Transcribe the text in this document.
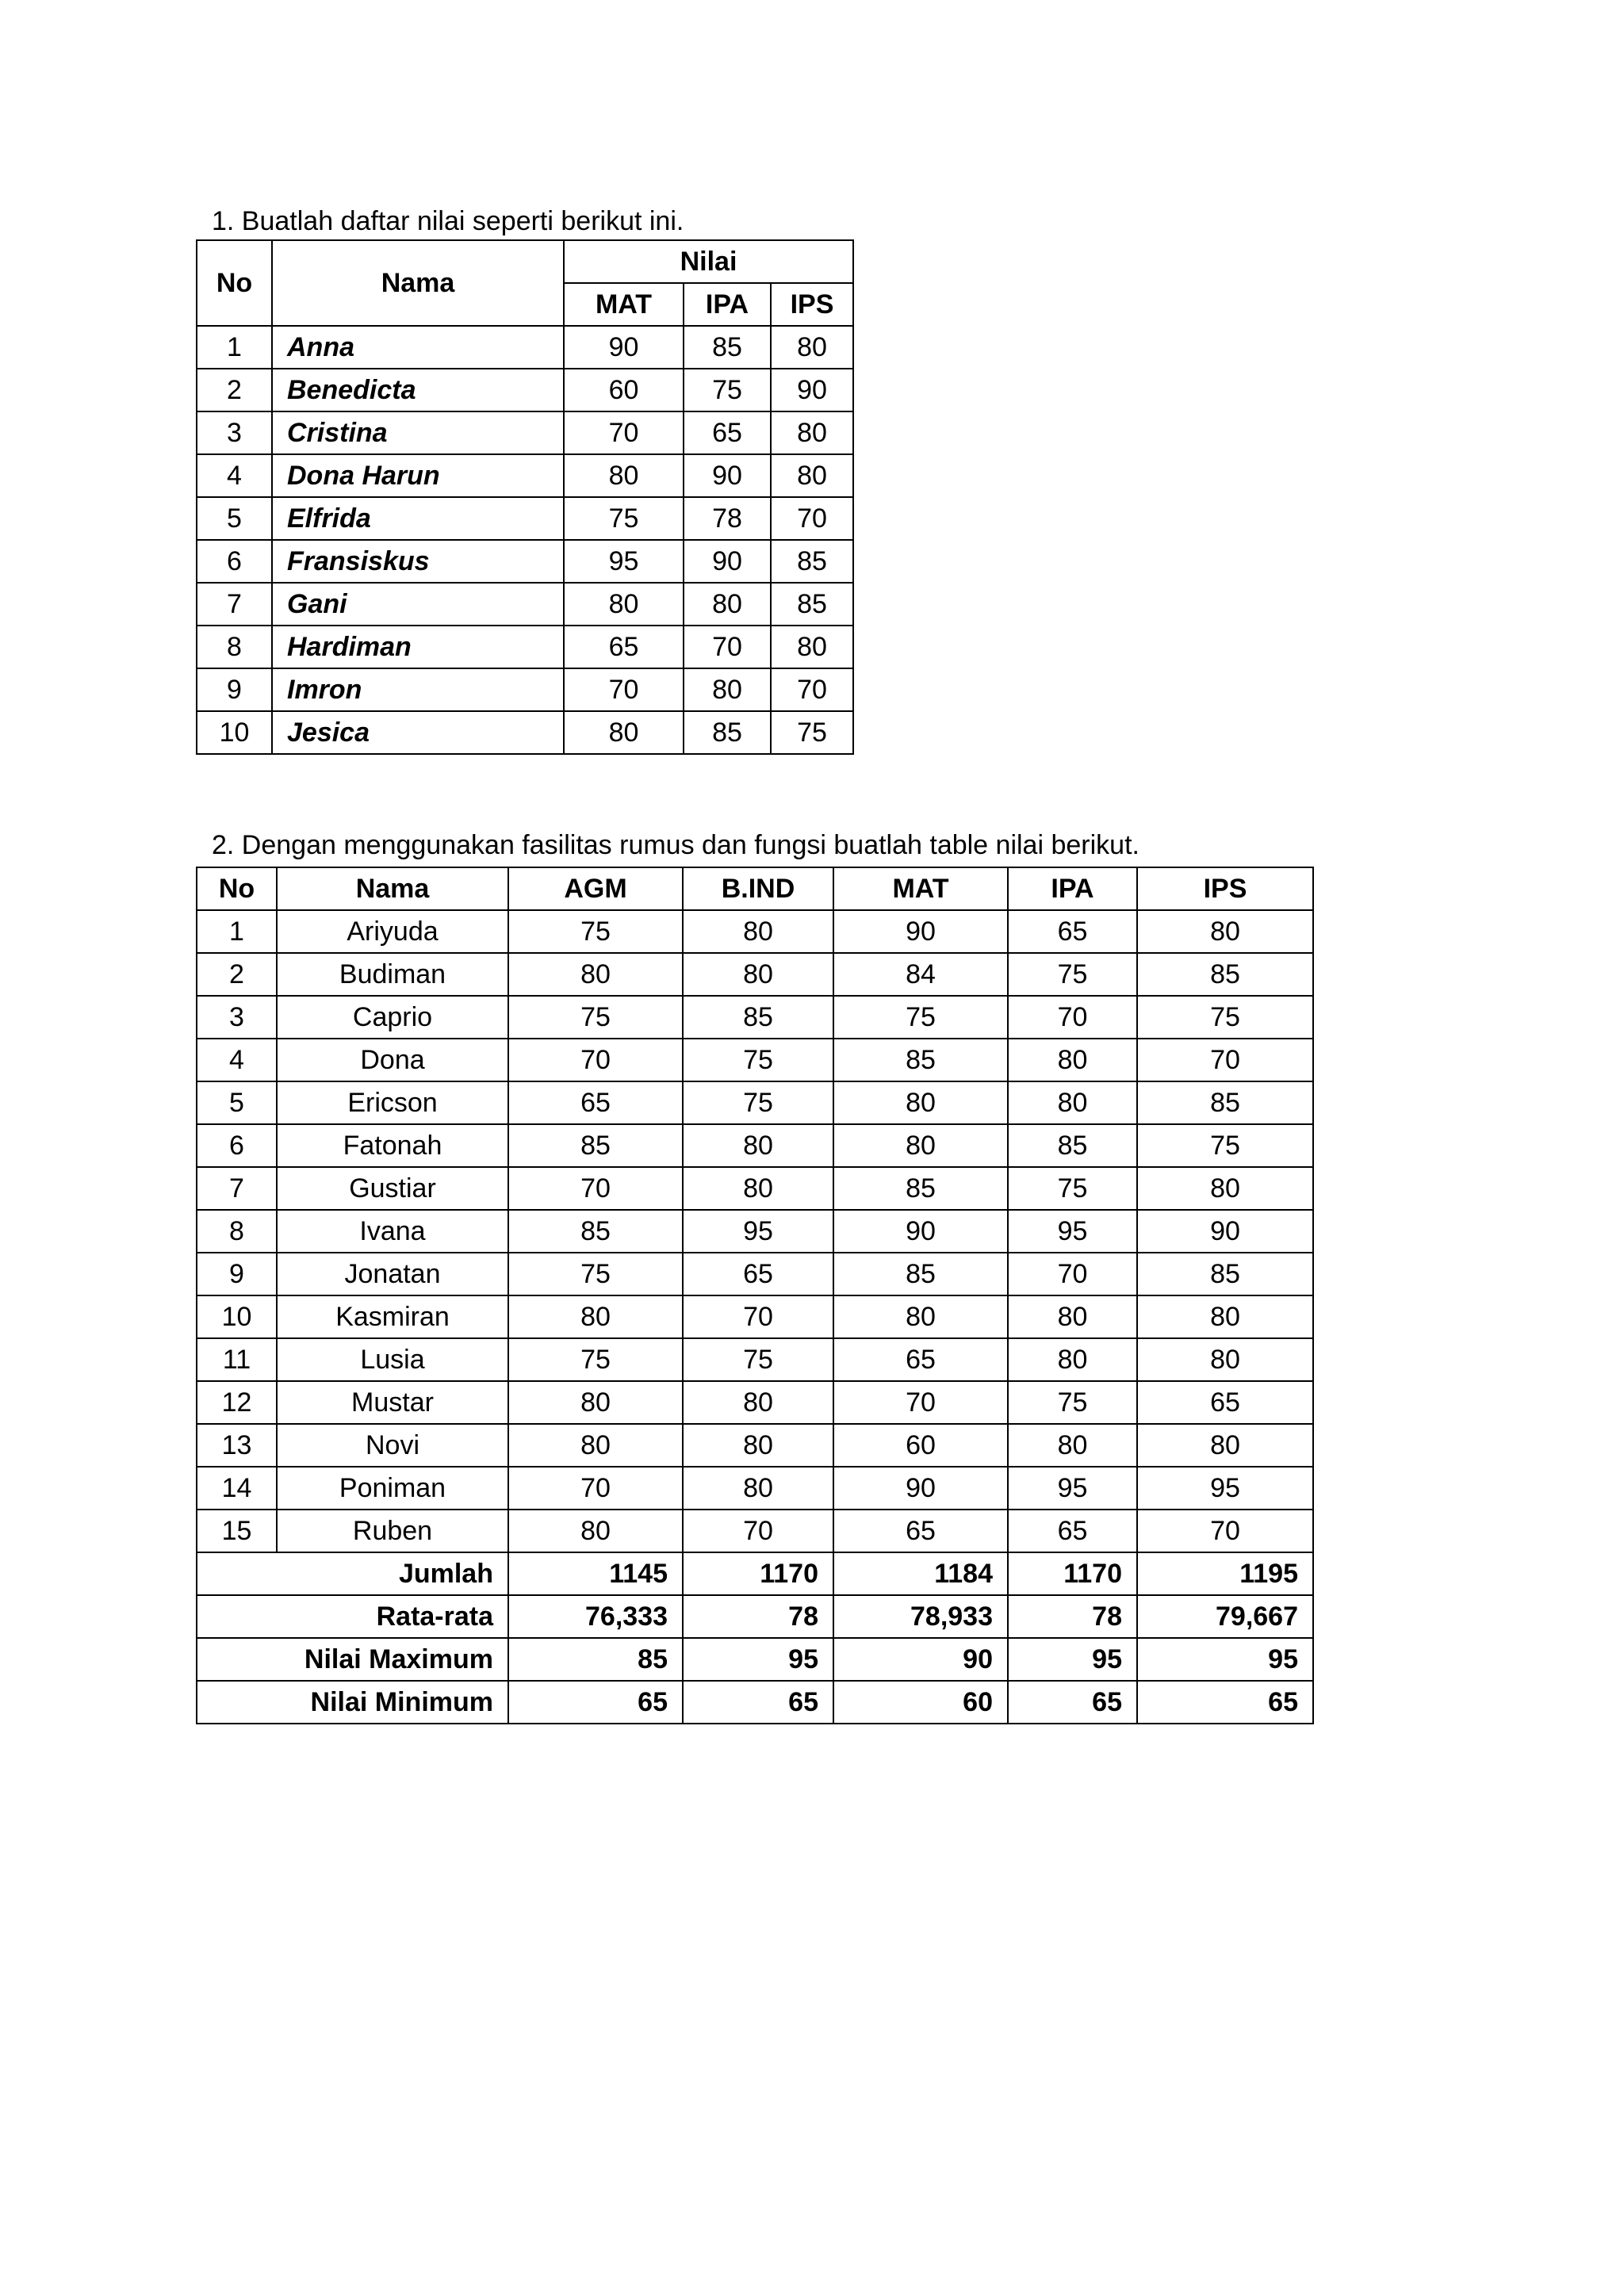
1. Buatlah daftar nilai seperti berikut ini.
No	Nama	Nilai		
		MAT	IPA	IPS
1	Anna	90	85	80
2	Benedicta	60	75	90
3	Cristina	70	65	80
4	Dona Harun	80	90	80
5	Elfrida	75	78	70
6	Fransiskus	95	90	85
7	Gani	80	80	85
8	Hardiman	65	70	80
9	Imron	70	80	70
10	Jesica	80	85	75
2. Dengan menggunakan fasilitas rumus dan fungsi buatlah table nilai berikut.
No	Nama	AGM	B.IND	MAT	IPA	IPS
1	Ariyuda	75	80	90	65	80
2	Budiman	80	80	84	75	85
3	Caprio	75	85	75	70	75
4	Dona	70	75	85	80	70
5	Ericson	65	75	80	80	85
6	Fatonah	85	80	80	85	75
7	Gustiar	70	80	85	75	80
8	Ivana	85	95	90	95	90
9	Jonatan	75	65	85	70	85
10	Kasmiran	80	70	80	80	80
11	Lusia	75	75	65	80	80
12	Mustar	80	80	70	75	65
13	Novi	80	80	60	80	80
14	Poniman	70	80	90	95	95
15	Ruben	80	70	65	65	70
Jumlah		1145	1170	1184	1170	1195
Rata-rata		76,333	78	78,933	78	79,667
Nilai Maximum		85	95	90	95	95
Nilai Minimum		65	65	60	65	65
